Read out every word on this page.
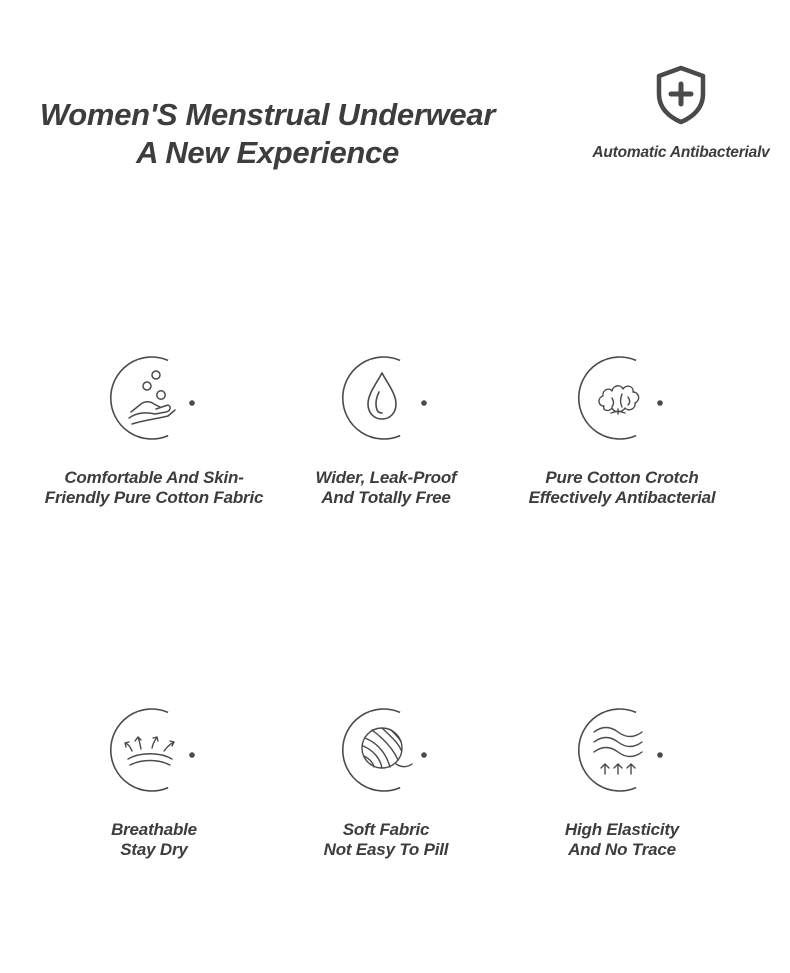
Women'S Menstrual Underwear
A New Experience	Automatic Antibacterialv
Comfortable And Skin-
Friendly Pure Cotton Fabric
Wider, Leak-Proof
And Totally Free
Pure Cotton Crotch
Effectively Antibacterial
Breathable
Stay Dry
Soft Fabric
Not Easy To Pill
High Elasticity
And No Trace
